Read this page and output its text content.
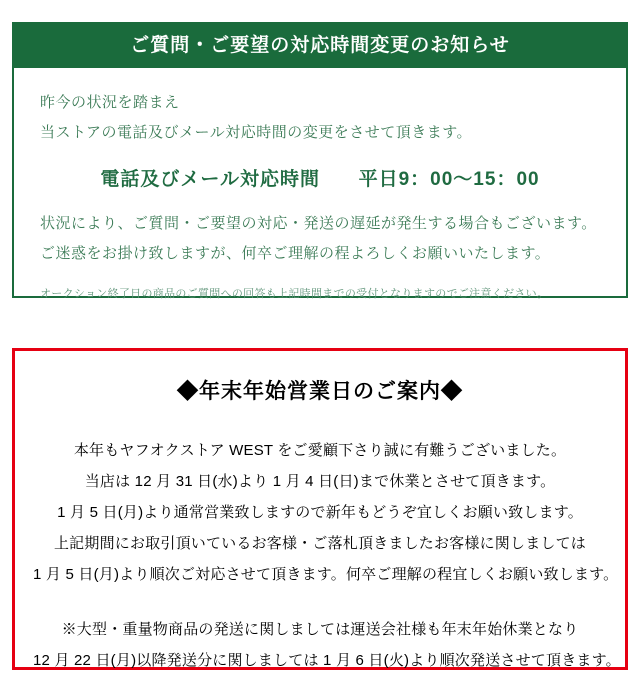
ご質問・ご要望の対応時間変更のお知らせ
昨今の状況を踏まえ
当ストアの電話及びメール対応時間の変更をさせて頂きます。
電話及びメール対応時間 平日9：00〜15：00
状況により、ご質問・ご要望の対応・発送の遅延が発生する場合もございます。
ご迷惑をお掛け致しますが、何卒ご理解の程よろしくお願いいたします。
オークション終了日の商品のご質問への回答も上記時間までの受付となりますのでご注意ください。
◆年末年始営業日のご案内◆
本年もヤフオクストア WEST をご愛顧下さり誠に有難うございました。
当店は 12 月 31 日(水)より 1 月 4 日(日)まで休業とさせて頂きます。
1 月 5 日(月)より通常営業致しますので新年もどうぞ宜しくお願い致します。
上記期間にお取引頂いているお客様・ご落札頂きましたお客様に関しましては
1 月 5 日(月)より順次ご対応させて頂きます。何卒ご理解の程宜しくお願い致します。
※大型・重量物商品の発送に関しましては運送会社様も年末年始休業となり
12 月 22 日(月)以降発送分に関しましては 1 月 6 日(火)より順次発送させて頂きます。
